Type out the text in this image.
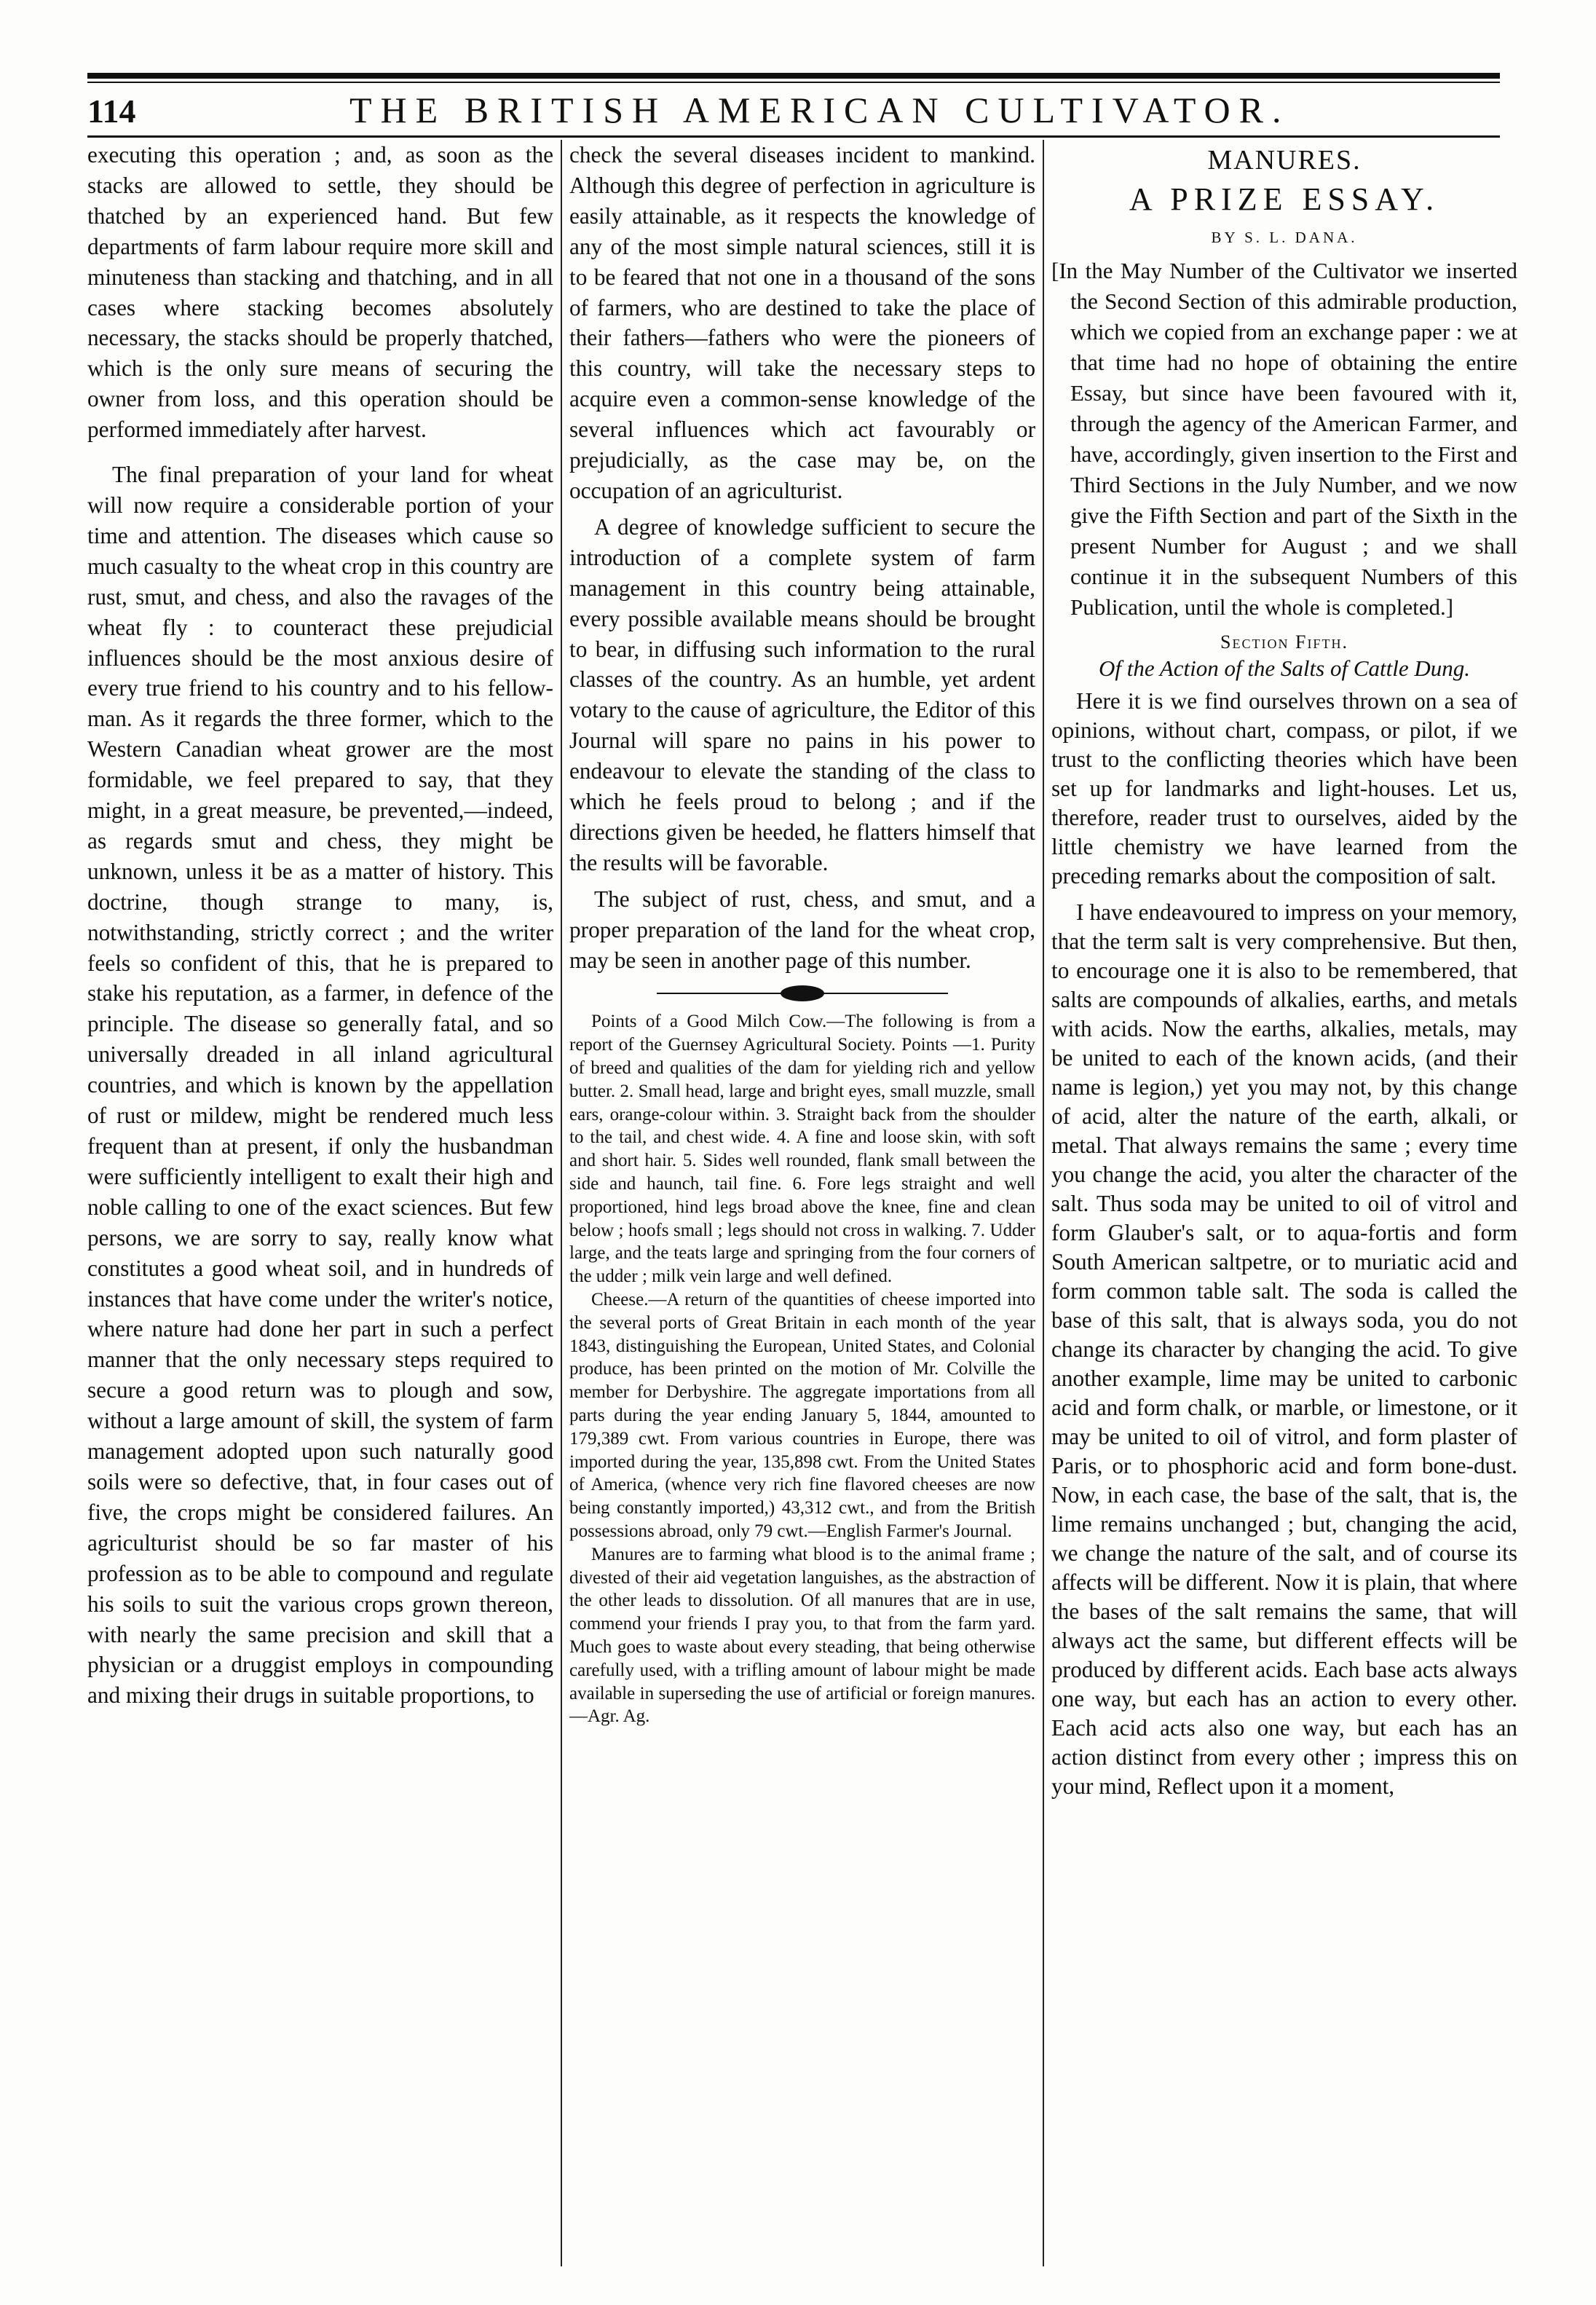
114	THE BRITISH AMERICAN CULTIVATOR.

executing this operation ; and, as soon as the stacks are allowed to settle, they should be thatched by an experienced hand. But few departments of farm labour require more skill and minuteness than stacking and thatching, and in all cases where stacking becomes absolutely necessary, the stacks should be properly thatched, which is the only sure means of securing the owner from loss, and this operation should be performed immediately after harvest.

The final preparation of your land for wheat will now require a considerable portion of your time and attention. The diseases which cause so much casualty to the wheat crop in this country are rust, smut, and chess, and also the ravages of the wheat fly : to counteract these prejudicial influences should be the most anxious desire of every true friend to his country and to his fellow-man. As it regards the three former, which to the Western Canadian wheat grower are the most formidable, we feel prepared to say, that they might, in a great measure, be prevented,—indeed, as regards smut and chess, they might be unknown, unless it be as a matter of history. This doctrine, though strange to many, is, notwithstanding, strictly correct ; and the writer feels so confident of this, that he is prepared to stake his reputation, as a farmer, in defence of the principle. The disease so generally fatal, and so universally dreaded in all inland agricultural countries, and which is known by the appellation of rust or mildew, might be rendered much less frequent than at present, if only the husbandman were sufficiently intelligent to exalt their high and noble calling to one of the exact sciences. But few persons, we are sorry to say, really know what constitutes a good wheat soil, and in hundreds of instances that have come under the writer's notice, where nature had done her part in such a perfect manner that the only necessary steps required to secure a good return was to plough and sow, without a large amount of skill, the system of farm management adopted upon such naturally good soils were so defective, that, in four cases out of five, the crops might be considered failures. An agriculturist should be so far master of his profession as to be able to compound and regulate his soils to suit the various crops grown thereon, with nearly the same precision and skill that a physician or a druggist employs in compounding and mixing their drugs in suitable proportions, to

check the several diseases incident to mankind. Although this degree of perfection in agriculture is easily attainable, as it respects the knowledge of any of the most simple natural sciences, still it is to be feared that not one in a thousand of the sons of farmers, who are destined to take the place of their fathers—fathers who were the pioneers of this country, will take the necessary steps to acquire even a common-sense knowledge of the several influences which act favourably or prejudicially, as the case may be, on the occupation of an agriculturist.

A degree of knowledge sufficient to secure the introduction of a complete system of farm management in this country being attainable, every possible available means should be brought to bear, in diffusing such information to the rural classes of the country. As an humble, yet ardent votary to the cause of agriculture, the Editor of this Journal will spare no pains in his power to endeavour to elevate the standing of the class to which he feels proud to belong ; and if the directions given be heeded, he flatters himself that the results will be favorable.

The subject of rust, chess, and smut, and a proper preparation of the land for the wheat crop, may be seen in another page of this number.

Points of a Good Milch Cow.—The following is from a report of the Guernsey Agricultural Society. Points —1. Purity of breed and qualities of the dam for yielding rich and yellow butter. 2. Small head, large and bright eyes, small muzzle, small ears, orange-colour within. 3. Straight back from the shoulder to the tail, and chest wide. 4. A fine and loose skin, with soft and short hair. 5. Sides well rounded, flank small between the side and haunch, tail fine. 6. Fore legs straight and well proportioned, hind legs broad above the knee, fine and clean below ; hoofs small ; legs should not cross in walking. 7. Udder large, and the teats large and springing from the four corners of the udder ; milk vein large and well defined.

Cheese.—A return of the quantities of cheese imported into the several ports of Great Britain in each month of the year 1843, distinguishing the European, United States, and Colonial produce, has been printed on the motion of Mr. Colville the member for Derbyshire. The aggregate importations from all parts during the year ending January 5, 1844, amounted to 179,389 cwt. From various countries in Europe, there was imported during the year, 135,898 cwt. From the United States of America, (whence very rich fine flavored cheeses are now being constantly imported,) 43,312 cwt., and from the British possessions abroad, only 79 cwt.—English Farmer's Journal.

Manures are to farming what blood is to the animal frame ; divested of their aid vegetation languishes, as the abstraction of the other leads to dissolution. Of all manures that are in use, commend your friends I pray you, to that from the farm yard. Much goes to waste about every steading, that being otherwise carefully used, with a trifling amount of labour might be made available in superseding the use of artificial or foreign manures.—Agr. Ag.

MANURES.

A PRIZE ESSAY.

BY S. L. DANA.

[In the May Number of the Cultivator we inserted the Second Section of this admirable production, which we copied from an exchange paper : we at that time had no hope of obtaining the entire Essay, but since have been favoured with it, through the agency of the American Farmer, and have, accordingly, given insertion to the First and Third Sections in the July Number, and we now give the Fifth Section and part of the Sixth in the present Number for August ; and we shall continue it in the subsequent Numbers of this Publication, until the whole is completed.]

Section Fifth.

Of the Action of the Salts of Cattle Dung.

Here it is we find ourselves thrown on a sea of opinions, without chart, compass, or pilot, if we trust to the conflicting theories which have been set up for landmarks and light-houses. Let us, therefore, reader trust to ourselves, aided by the little chemistry we have learned from the preceding remarks about the composition of salt.

I have endeavoured to impress on your memory, that the term salt is very comprehensive. But then, to encourage one it is also to be remembered, that salts are compounds of alkalies, earths, and metals with acids. Now the earths, alkalies, metals, may be united to each of the known acids, (and their name is legion,) yet you may not, by this change of acid, alter the nature of the earth, alkali, or metal. That always remains the same ; every time you change the acid, you alter the character of the salt. Thus soda may be united to oil of vitrol and form Glauber's salt, or to aqua-fortis and form South American saltpetre, or to muriatic acid and form common table salt. The soda is called the base of this salt, that is always soda, you do not change its character by changing the acid. To give another example, lime may be united to carbonic acid and form chalk, or marble, or limestone, or it may be united to oil of vitrol, and form plaster of Paris, or to phosphoric acid and form bone-dust. Now, in each case, the base of the salt, that is, the lime remains unchanged ; but, changing the acid, we change the nature of the salt, and of course its affects will be different. Now it is plain, that where the bases of the salt remains the same, that will always act the same, but different effects will be produced by different acids. Each base acts always one way, but each has an action to every other. Each acid acts also one way, but each has an action distinct from every other ; impress this on your mind, Reflect upon it a moment,
